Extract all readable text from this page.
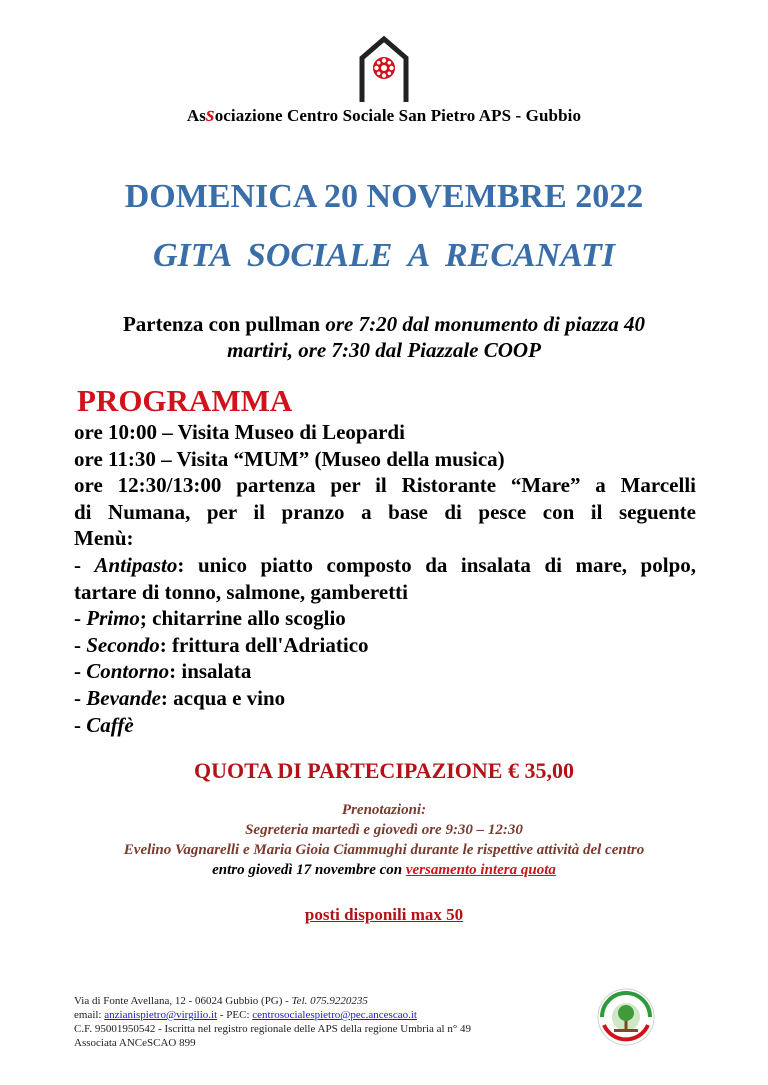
Associazione Centro Sociale San Pietro APS - Gubbio
DOMENICA 20 NOVEMBRE 2022
GITA SOCIALE A RECANATI
Partenza con pullman ore 7:20 dal monumento di piazza 40
martiri, ore 7:30 dal Piazzale COOP
PROGRAMMA
ore 10:00 – Visita Museo di Leopardi
ore 11:30 – Visita “MUM” (Museo della musica)
ore 12:30/13:00 partenza per il Ristorante “Mare” a Marcelli
di Numana, per il pranzo a base di pesce con il seguente
Menù:
- Antipasto: unico piatto composto da insalata di mare, polpo,
tartare di tonno, salmone, gamberetti
- Primo; chitarrine allo scoglio
- Secondo: frittura dell'Adriatico
- Contorno: insalata
- Bevande: acqua e vino
- Caffè
QUOTA DI PARTECIPAZIONE € 35,00
Prenotazioni:
Segreteria martedì e giovedì ore 9:30 – 12:30
Evelino Vagnarelli e Maria Gioia Ciammughi durante le rispettive attività del centro
entro giovedì 17 novembre con versamento intera quota
posti disponili max 50
Via di Fonte Avellana, 12 - 06024 Gubbio (PG) - Tel. 075.9220235
email: anzianispietro@virgilio.it - PEC: centrosocialespietro@pec.ancescao.it
C.F. 95001950542 - Iscritta nel registro regionale delle APS della regione Umbria al n° 49
Associata ANCeSCAO 899
